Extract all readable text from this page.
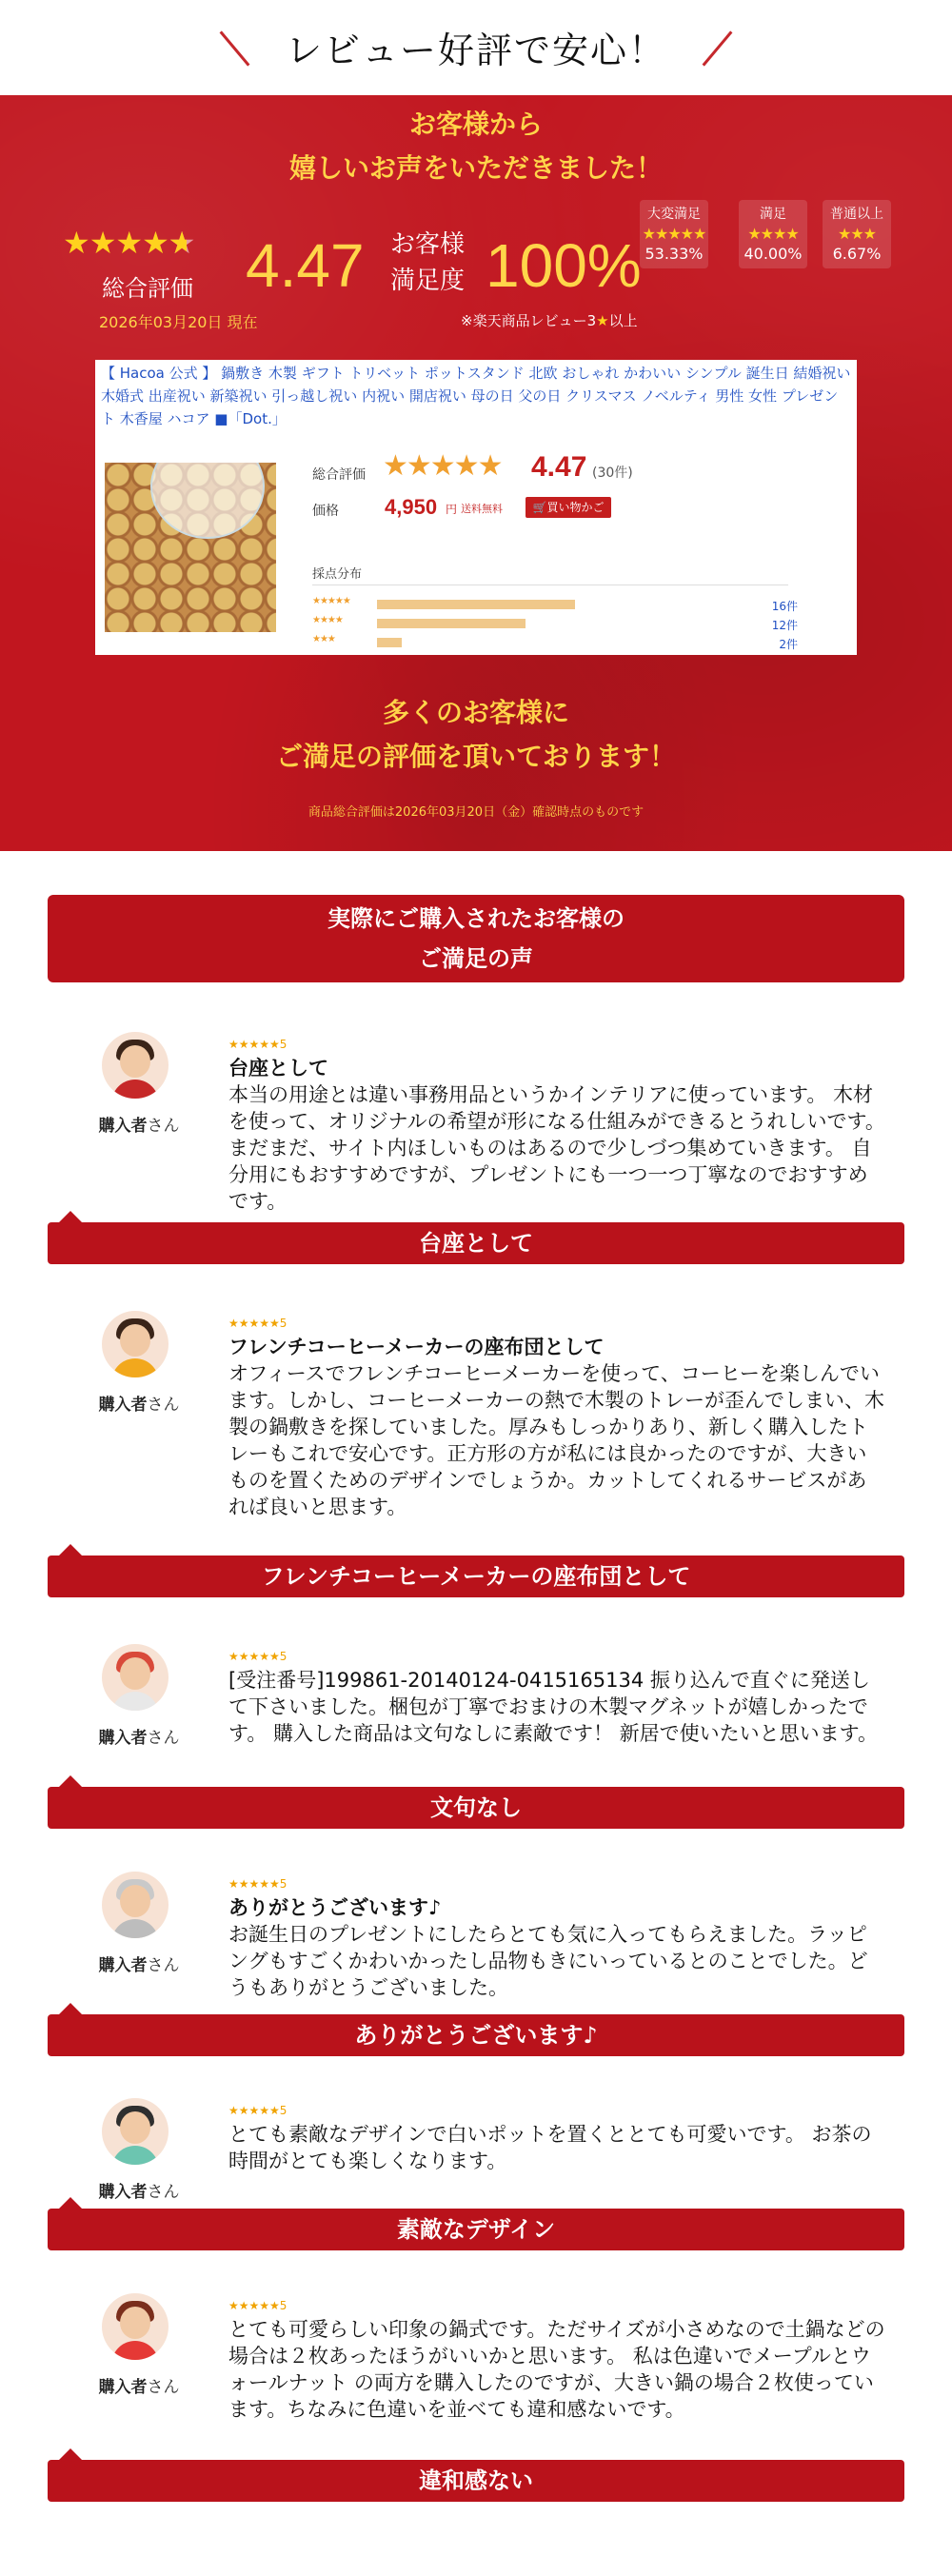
レビュー好評で安心！
お客様から
嬉しいお声をいただきました！
★★★★★ ★
総合評価 4.47
2026年03月20日 現在
お客様
満足度 100%
※楽天商品レビュー3★以上
大変満足
★★★★★
53.33%
満足
★★★★
40.00%
普通以上
★★★
6.67%
【 Hacoa 公式 】 鍋敷き 木製 ギフト トリベット ポットスタンド 北欧 おしゃれ かわいい シンプル 誕生日 結婚祝い 木婚式 出産祝い 新築祝い 引っ越し祝い 内祝い 開店祝い 母の日 父の日 クリスマス ノベルティ 男性 女性 プレゼント 木香屋 ハコア ■「Dot.」
総合評価 ★★★★★ 4.47 (30件)
価格 4,950 円 送料無料	🛒買い物かご
採点分布
★★★★★	16件
★★★★	12件
★★★	2件
多くのお客様に
ご満足の評価を頂いております！
商品総合評価は2026年03月20日（金）確認時点のものです
実際にご購入されたお客様の
ご満足の声
購入者さん
★★★★★5
台座として
本当の用途とは違い事務用品というかインテリアに使っています。 木材を使って、オリジナルの希望が形になる仕組みができるとうれしいです。 まだまだ、サイト内ほしいものはあるので少しづつ集めていきます。 自分用にもおすすめですが、プレゼントにも一つ一つ丁寧なのでおすすめです。
台座として
購入者さん
★★★★★5
フレンチコーヒーメーカーの座布団として
オフィースでフレンチコーヒーメーカーを使って、コーヒーを楽しんでいます。しかし、コーヒーメーカーの熱で木製のトレーが歪んでしまい、木製の鍋敷きを探していました。厚みもしっかりあり、新しく購入したトレーもこれで安心です。正方形の方が私には良かったのですが、大きいものを置くためのデザインでしょうか。カットしてくれるサービスがあれば良いと思ます。
フレンチコーヒーメーカーの座布団として
購入者さん
★★★★★5
[受注番号]199861-20140124-0415165134 振り込んで直ぐに発送して下さいました。梱包が丁寧でおまけの木製マグネットが嬉しかったです。 購入した商品は文句なしに素敵です！ 新居で使いたいと思います。
文句なし
購入者さん
★★★★★5
ありがとうございます♪
お誕生日のプレゼントにしたらとても気に入ってもらえました。ラッピングもすごくかわいかったし品物もきにいっているとのことでした。どうもありがとうございました。
ありがとうございます♪
購入者さん
★★★★★5
とても素敵なデザインで白いポットを置くととても可愛いです。 お茶の時間がとても楽しくなります。
素敵なデザイン
購入者さん
★★★★★5
とても可愛らしい印象の鍋式です。ただサイズが小さめなので土鍋などの場合は２枚あったほうがいいかと思います。 私は色違いでメープルとウォールナット の両方を購入したのですが、大きい鍋の場合２枚使っています。ちなみに色違いを並べても違和感ないです。
違和感ない
